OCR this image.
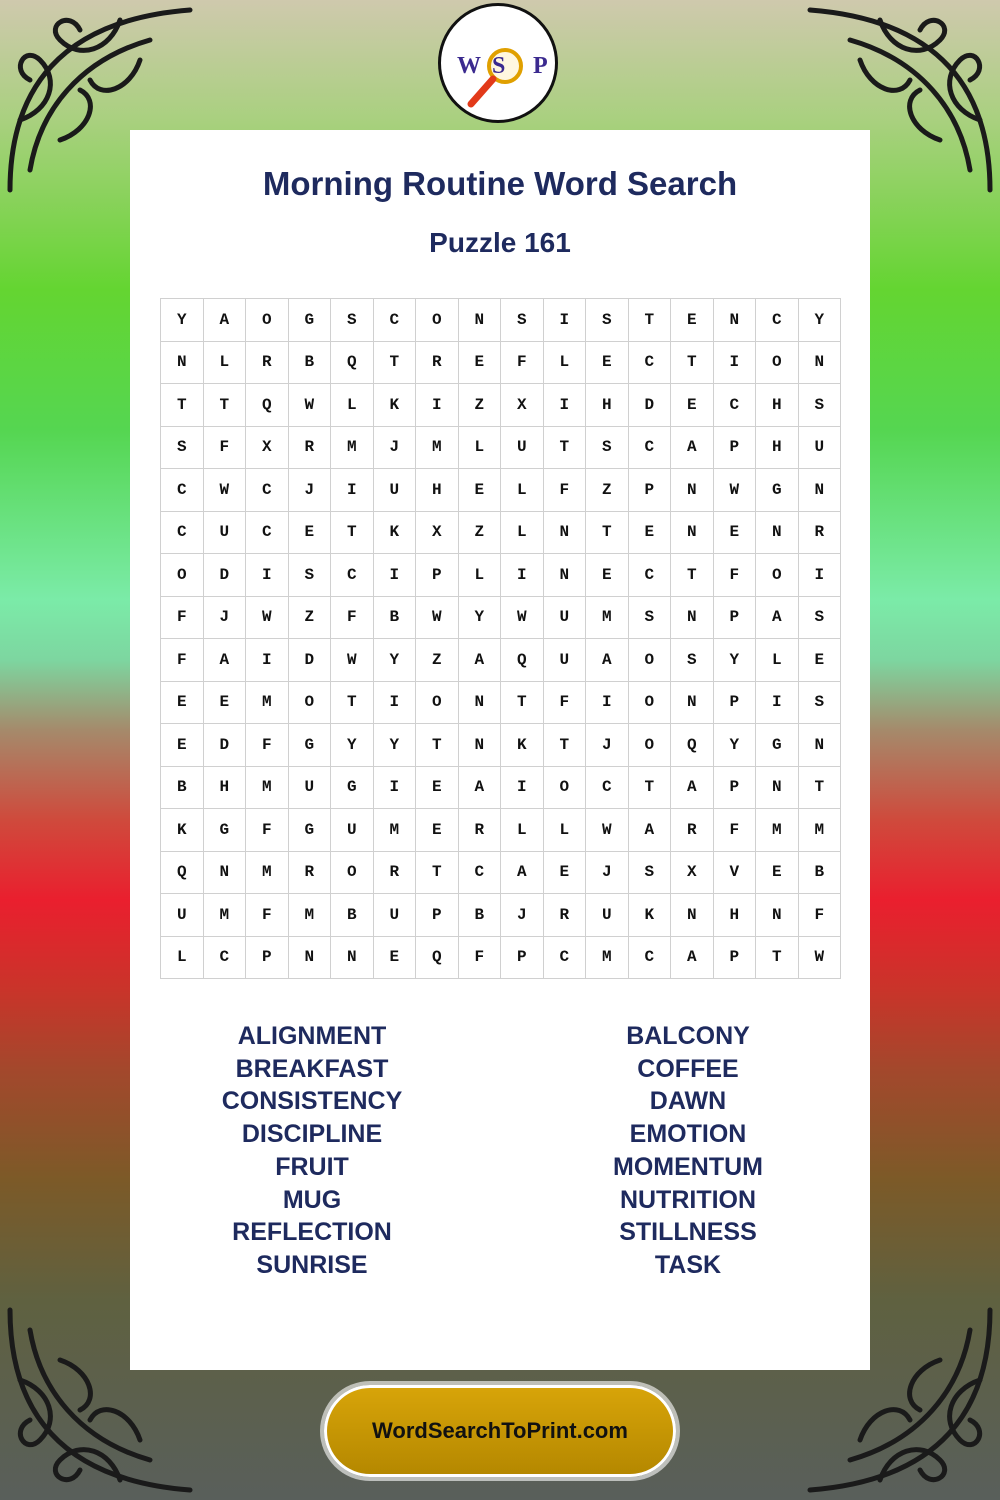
W S P
Morning Routine Word Search
Puzzle 161
Y	A	O	G	S	C	O	N	S	I	S	T	E	N	C	Y
N	L	R	B	Q	T	R	E	F	L	E	C	T	I	O	N
T	T	Q	W	L	K	I	Z	X	I	H	D	E	C	H	S
S	F	X	R	M	J	M	L	U	T	S	C	A	P	H	U
C	W	C	J	I	U	H	E	L	F	Z	P	N	W	G	N
C	U	C	E	T	K	X	Z	L	N	T	E	N	E	N	R
O	D	I	S	C	I	P	L	I	N	E	C	T	F	O	I
F	J	W	Z	F	B	W	Y	W	U	M	S	N	P	A	S
F	A	I	D	W	Y	Z	A	Q	U	A	O	S	Y	L	E
E	E	M	O	T	I	O	N	T	F	I	O	N	P	I	S
E	D	F	G	Y	Y	T	N	K	T	J	O	Q	Y	G	N
B	H	M	U	G	I	E	A	I	O	C	T	A	P	N	T
K	G	F	G	U	M	E	R	L	L	W	A	R	F	M	M
Q	N	M	R	O	R	T	C	A	E	J	S	X	V	E	B
U	M	F	M	B	U	P	B	J	R	U	K	N	H	N	F
L	C	P	N	N	E	Q	F	P	C	M	C	A	P	T	W
ALIGNMENT
BREAKFAST
CONSISTENCY
DISCIPLINE
FRUIT
MUG
REFLECTION
SUNRISE
BALCONY
COFFEE
DAWN
EMOTION
MOMENTUM
NUTRITION
STILLNESS
TASK
WordSearchToPrint.com
